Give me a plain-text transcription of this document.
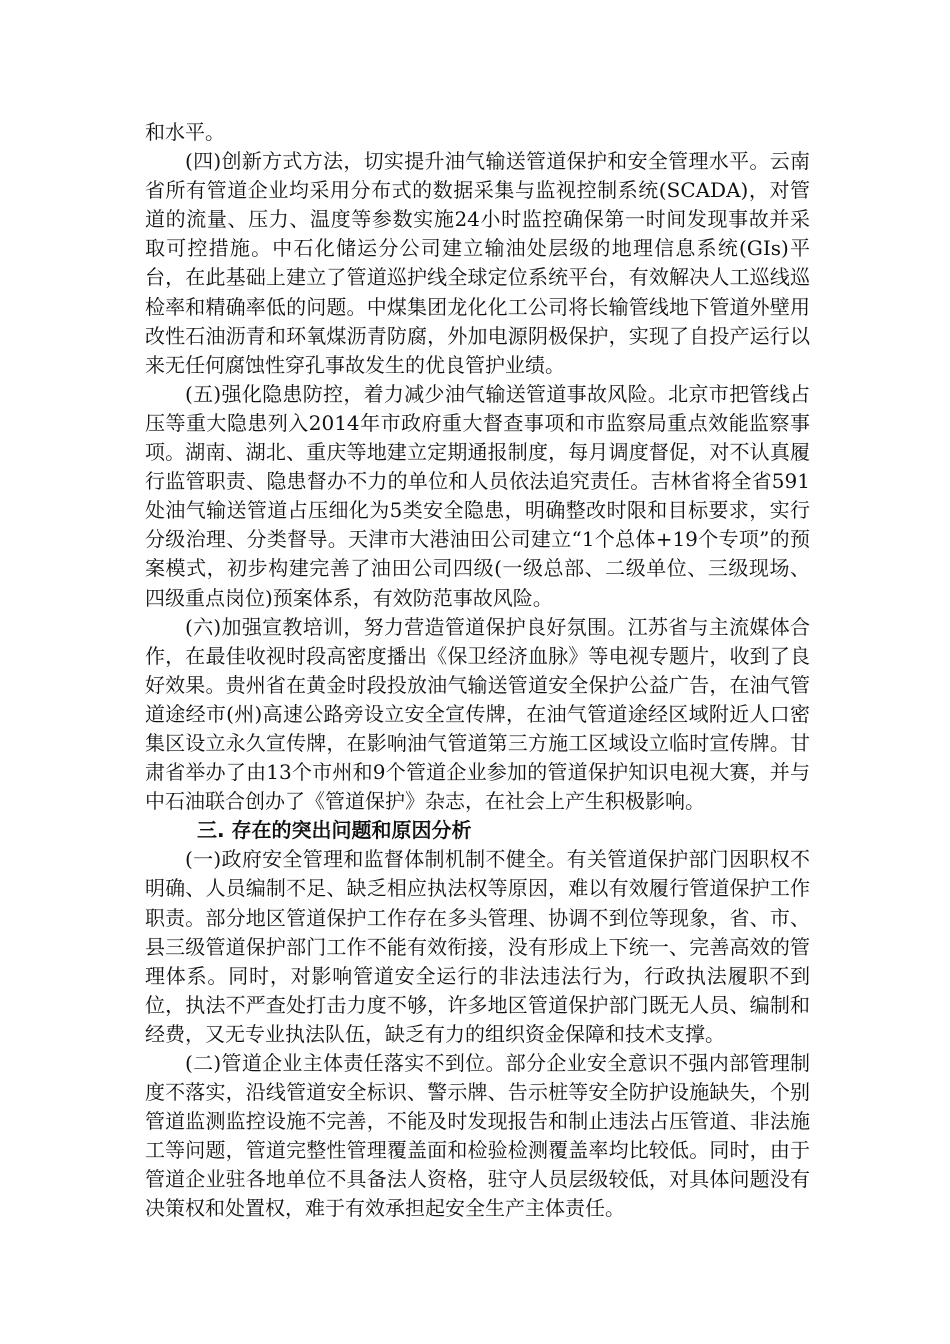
和水平。

(四)创新方式方法，切实提升油气输送管道保护和安全管理水平。云南省所有管道企业均采用分布式的数据采集与监视控制系统(SCADA)，对管道的流量、压力、温度等参数实施24小时监控确保第一时间发现事故并采取可控措施。中石化储运分公司建立输油处层级的地理信息系统(GIs)平台，在此基础上建立了管道巡护线全球定位系统平台，有效解决人工巡线巡检率和精确率低的问题。中煤集团龙化化工公司将长输管线地下管道外壁用改性石油沥青和环氧煤沥青防腐，外加电源阴极保护，实现了自投产运行以来无任何腐蚀性穿孔事故发生的优良管护业绩。

(五)强化隐患防控，着力减少油气输送管道事故风险。北京市把管线占压等重大隐患列入2014年市政府重大督查事项和市监察局重点效能监察事项。湖南、湖北、重庆等地建立定期通报制度，每月调度督促，对不认真履行监管职责、隐患督办不力的单位和人员依法追究责任。吉林省将全省591处油气输送管道占压细化为5类安全隐患，明确整改时限和目标要求，实行分级治理、分类督导。天津市大港油田公司建立“1个总体+19个专项”的预案模式，初步构建完善了油田公司四级(一级总部、二级单位、三级现场、四级重点岗位)预案体系，有效防范事故风险。

(六)加强宣教培训，努力营造管道保护良好氛围。江苏省与主流媒体合作，在最佳收视时段高密度播出《保卫经济血脉》等电视专题片，收到了良好效果。贵州省在黄金时段投放油气输送管道安全保护公益广告，在油气管道途经市(州)高速公路旁设立安全宣传牌，在油气管道途经区域附近人口密集区设立永久宣传牌，在影响油气管道第三方施工区域设立临时宣传牌。甘肃省举办了由13个市州和9个管道企业参加的管道保护知识电视大赛，并与中石油联合创办了《管道保护》杂志，在社会上产生积极影响。

三. 存在的突出问题和原因分析

(一)政府安全管理和监督体制机制不健全。有关管道保护部门因职权不明确、人员编制不足、缺乏相应执法权等原因，难以有效履行管道保护工作职责。部分地区管道保护工作存在多头管理、协调不到位等现象，省、市、县三级管道保护部门工作不能有效衔接，没有形成上下统一、完善高效的管理体系。同时，对影响管道安全运行的非法违法行为，行政执法履职不到位，执法不严查处打击力度不够，许多地区管道保护部门既无人员、编制和经费，又无专业执法队伍，缺乏有力的组织资金保障和技术支撑。

(二)管道企业主体责任落实不到位。部分企业安全意识不强内部管理制度不落实，沿线管道安全标识、警示牌、告示桩等安全防护设施缺失，个别管道监测监控设施不完善，不能及时发现报告和制止违法占压管道、非法施工等问题，管道完整性管理覆盖面和检验检测覆盖率均比较低。同时，由于管道企业驻各地单位不具备法人资格，驻守人员层级较低，对具体问题没有决策权和处置权，难于有效承担起安全生产主体责任。
